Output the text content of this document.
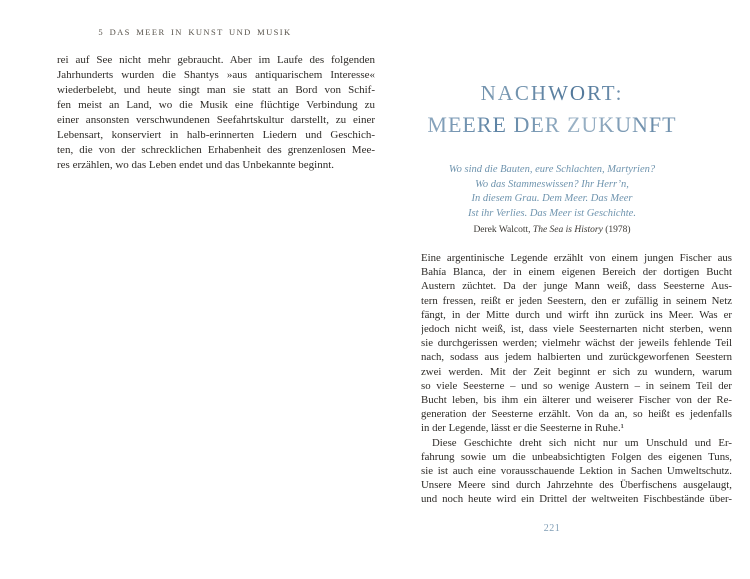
5 DAS MEER IN KUNST UND MUSIK
rei auf See nicht mehr gebraucht. Aber im Laufe des folgenden
Jahrhunderts wurden die Shantys »aus antiquarischem Interesse«
wiederbelebt, und heute singt man sie statt an Bord von Schif-
fen meist an Land, wo die Musik eine flüchtige Verbindung zu
einer ansonsten verschwundenen Seefahrtskultur darstellt, zu einer
Lebensart, konserviert in halb-erinnerten Liedern und Geschich-
ten, die von der schrecklichen Erhabenheit des grenzenlosen Mee-
res erzählen, wo das Leben endet und das Unbekannte beginnt.
NACHWORT:
MEERE DER ZUKUNFT
Wo sind die Bauten, eure Schlachten, Martyrien?
Wo das Stammeswissen? Ihr Herr’n,
In diesem Grau. Dem Meer. Das Meer
Ist ihr Verlies. Das Meer ist Geschichte.
Derek Walcott, The Sea is History (1978)
Eine argentinische Legende erzählt von einem jungen Fischer aus
Bahía Blanca, der in einem eigenen Bereich der dortigen Bucht
Austern züchtet. Da der junge Mann weiß, dass Seesterne Aus-
tern fressen, reißt er jeden Seestern, den er zufällig in seinem Netz
fängt, in der Mitte durch und wirft ihn zurück ins Meer. Was er
jedoch nicht weiß, ist, dass viele Seesternarten nicht sterben, wenn
sie durchgerissen werden; vielmehr wächst der jeweils fehlende Teil
nach, sodass aus jedem halbierten und zurückgeworfenen Seestern
zwei werden. Mit der Zeit beginnt er sich zu wundern, warum
so viele Seesterne – und so wenige Austern – in seinem Teil der
Bucht leben, bis ihm ein älterer und weiserer Fischer von der Re-
generation der Seesterne erzählt. Von da an, so heißt es jedenfalls
in der Legende, lässt er die Seesterne in Ruhe.¹
Diese Geschichte dreht sich nicht nur um Unschuld und Er-
fahrung sowie um die unbeabsichtigten Folgen des eigenen Tuns,
sie ist auch eine vorausschauende Lektion in Sachen Umweltschutz.
Unsere Meere sind durch Jahrzehnte des Überfischens ausgelaugt,
und noch heute wird ein Drittel der weltweiten Fischbestände über-
221
